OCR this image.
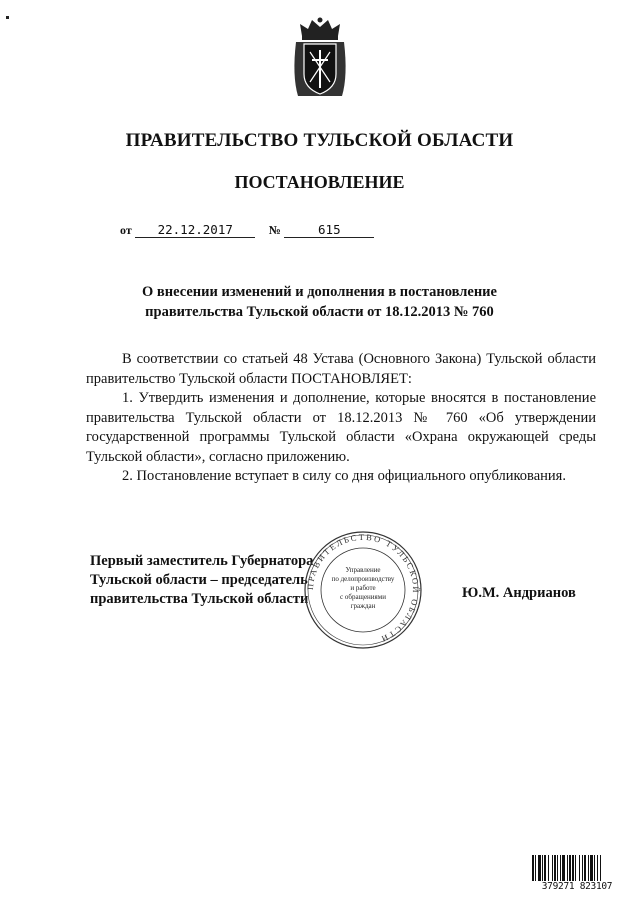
ПРАВИТЕЛЬСТВО ТУЛЬСКОЙ ОБЛАСТИ
ПОСТАНОВЛЕНИЕ
от 22.12.2017	№	615
О внесении изменений и дополнения в постановление
правительства Тульской области от 18.12.2013 № 760

В соответствии со статьей 48 Устава (Основного Закона) Тульской области правительство Тульской области ПОСТАНОВЛЯЕТ:

1. Утвердить изменения и дополнение, которые вносятся в постановление правительства Тульской области от 18.12.2013 № 760 «Об утверждении государственной программы Тульской области «Охрана окружающей среды Тульской области», согласно приложению.

2. Постановление вступает в силу со дня официального опубликования.

Первый заместитель Губернатора
Тульской области – председатель
правительства Тульской области
ПРАВИТЕЛЬСТВО ТУЛЬСКОЙ ОБЛАСТИ
Управление
по делопроизводству
и работе
с обращениями
граждан
Ю.М. Андрианов
379271 823107
